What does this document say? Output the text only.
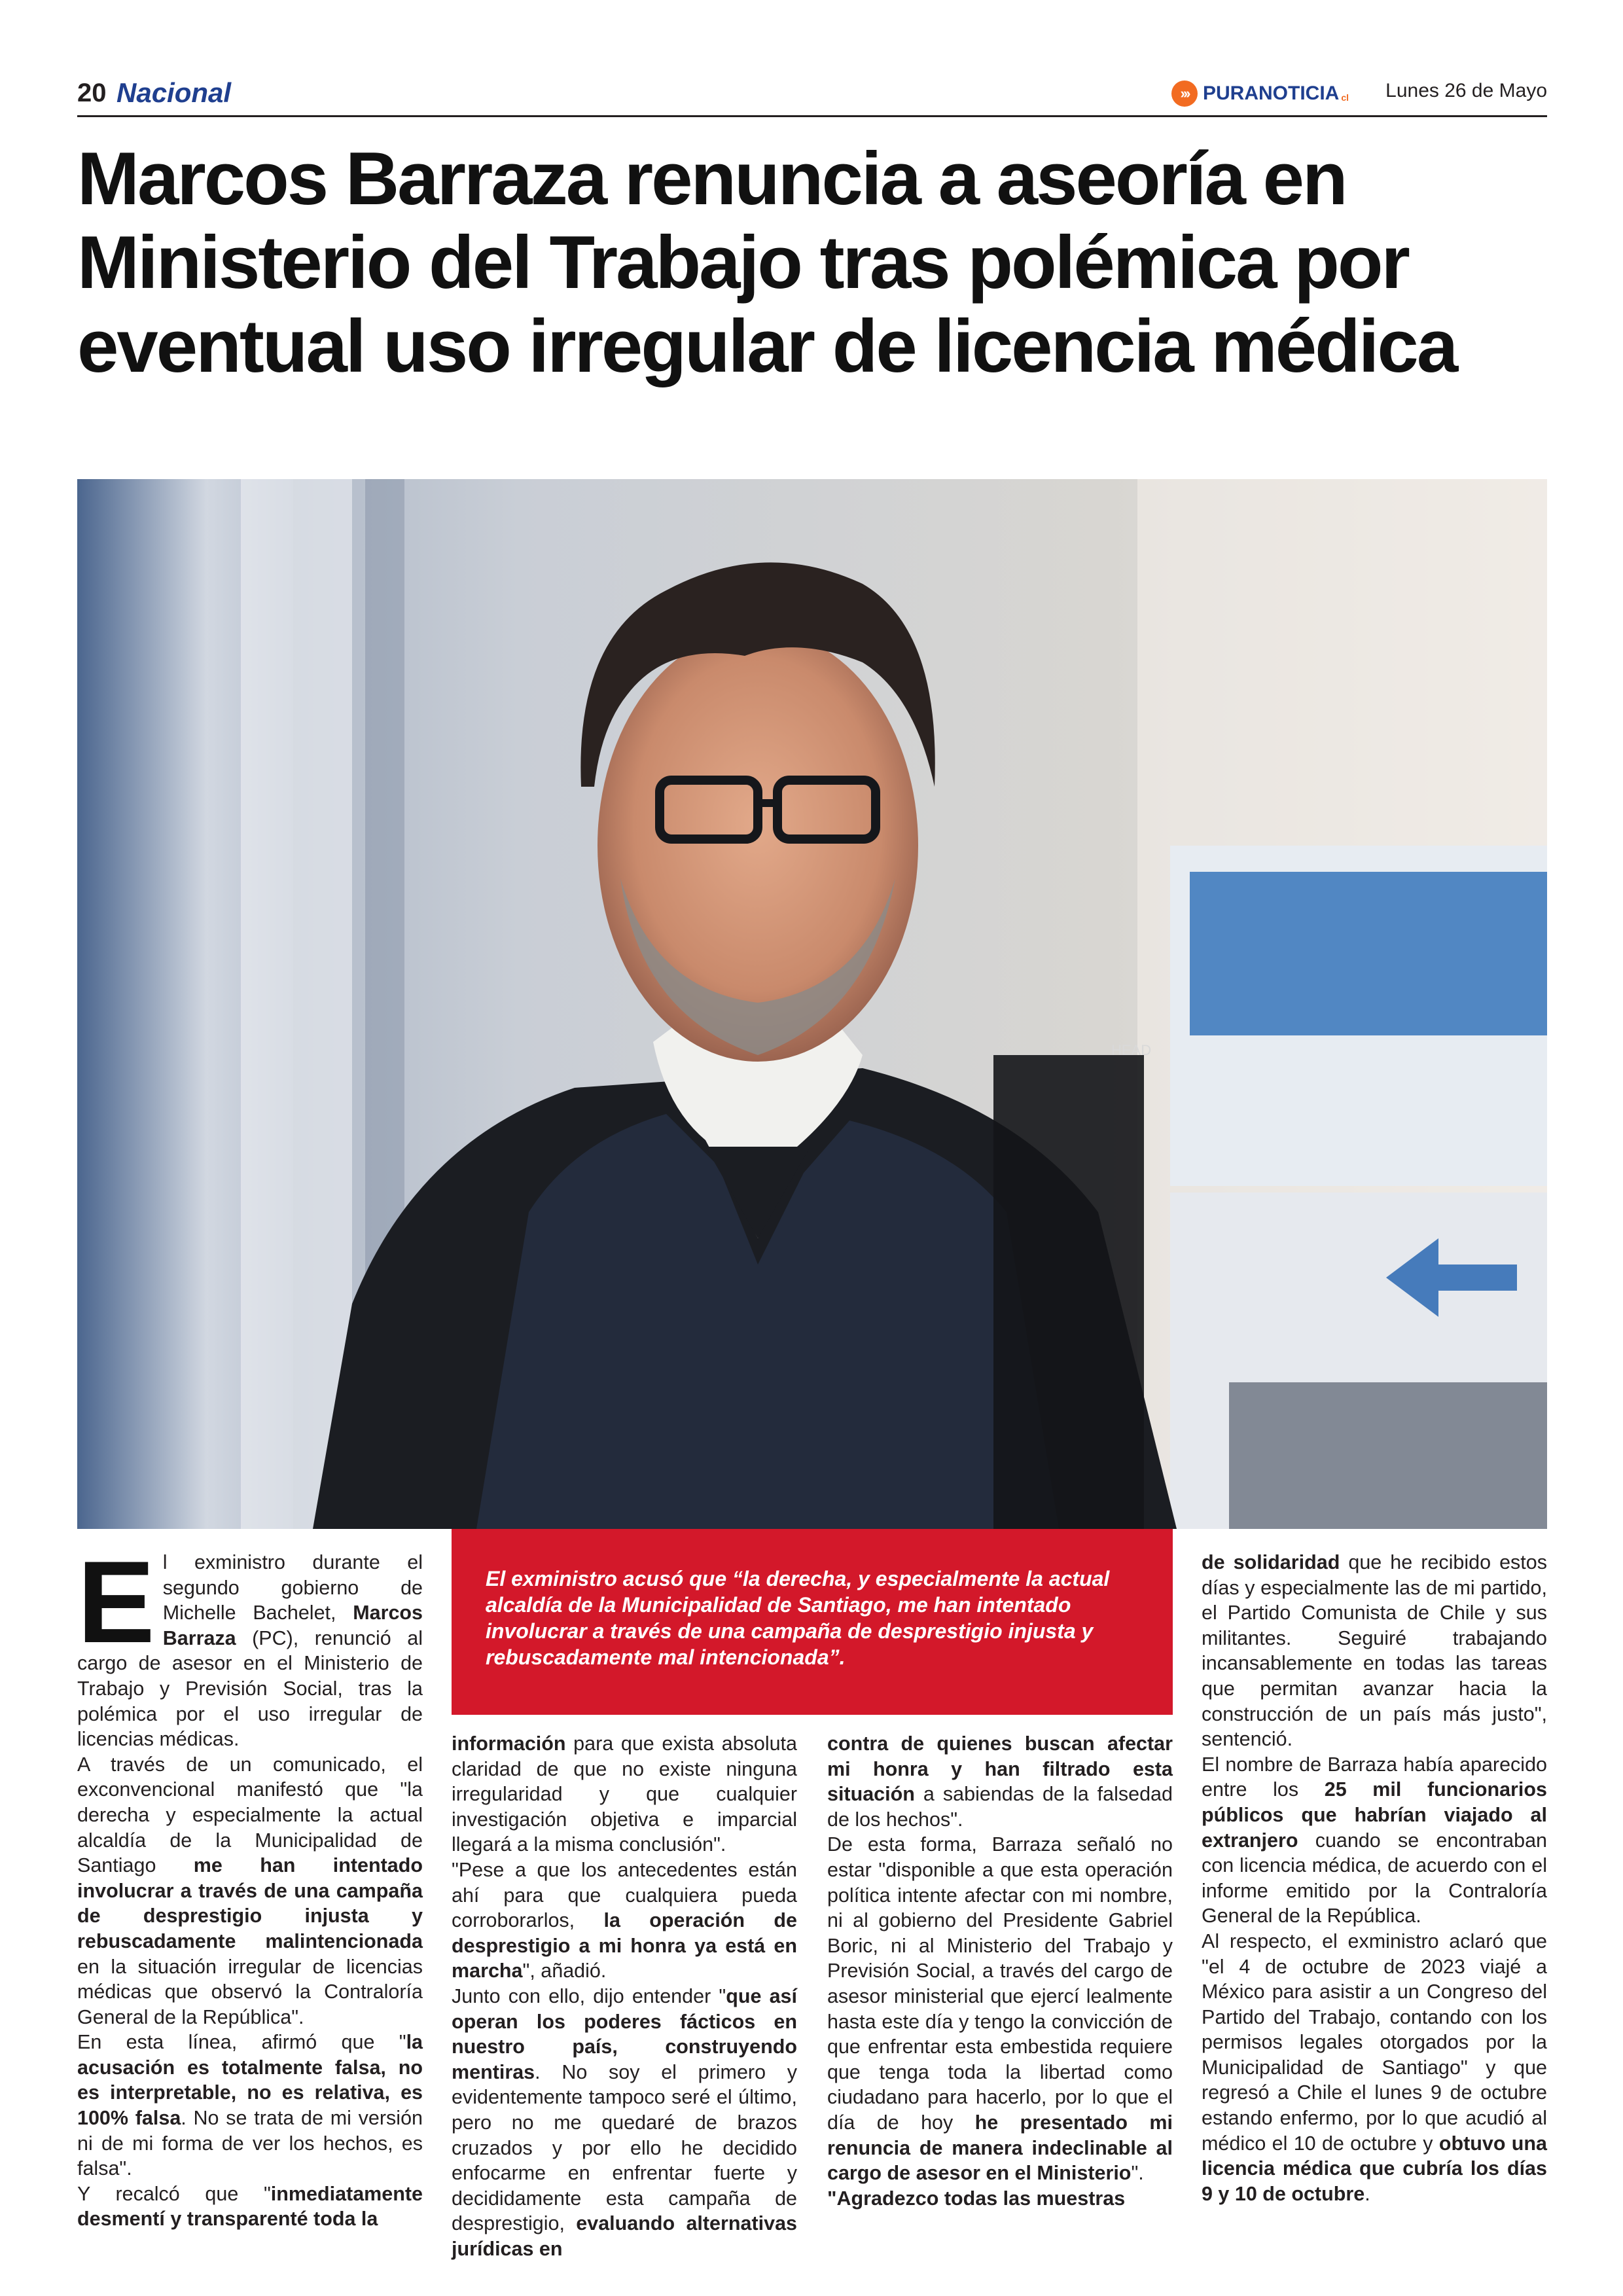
20 Nacional	››› PURANOTICIA cl Lunes 26 de Mayo
Marcos Barraza renuncia a aseoría en Ministerio del Trabajo tras polémica por eventual uso irregular de licencia médica
HEAD
El exministro acusó que “la derecha, y especialmente la actual alcaldía de la Municipalidad de Santiago, me han intentado involucrar a través de una campaña de desprestigio injusta y rebuscadamente mal intencionada”.

El exministro durante el segundo gobierno de Michelle Bachelet, Marcos Barraza (PC), renunció al cargo de asesor en el Ministerio de Trabajo y Previsión Social, tras la polémica por el uso irregular de licencias médicas.

A través de un comunicado, el exconvencional manifestó que "la derecha y especialmente la actual alcaldía de la Municipalidad de Santiago me han intentado involucrar a través de una campaña de desprestigio injusta y rebuscadamente malintencionada en la situación irregular de licencias médicas que observó la Contraloría General de la República".

En esta línea, afirmó que "la acusación es totalmente falsa, no es interpretable, no es relativa, es 100% falsa. No se trata de mi versión ni de mi forma de ver los hechos, es falsa".

Y recalcó que "inmediatamente desmentí y transparenté toda la

información para que exista absoluta claridad de que no existe ninguna irregularidad y que cualquier investigación objetiva e imparcial llegará a la misma conclusión".

"Pese a que los antecedentes están ahí para que cualquiera pueda corroborarlos, la operación de desprestigio a mi honra ya está en marcha", añadió.

Junto con ello, dijo entender "que así operan los poderes fácticos en nuestro país, construyendo mentiras. No soy el primero y evidentemente tampoco seré el último, pero no me quedaré de brazos cruzados y por ello he decidido enfocarme en enfrentar fuerte y decididamente esta campaña de desprestigio, evaluando alternativas jurídicas en

contra de quienes buscan afectar mi honra y han filtrado esta situación a sabiendas de la falsedad de los hechos".

De esta forma, Barraza señaló no estar "disponible a que esta operación política intente afectar con mi nombre, ni al gobierno del Presidente Gabriel Boric, ni al Ministerio del Trabajo y Previsión Social, a través del cargo de asesor ministerial que ejercí lealmente hasta este día y tengo la convicción de que enfrentar esta embestida requiere que tenga toda la libertad como ciudadano para hacerlo, por lo que el día de hoy he presentado mi renuncia de manera indeclinable al cargo de asesor en el Ministerio".

"Agradezco todas las muestras

de solidaridad que he recibido estos días y especialmente las de mi partido, el Partido Comunista de Chile y sus militantes. Seguiré trabajando incansablemente en todas las tareas que permitan avanzar hacia la construcción de un país más justo", sentenció.

El nombre de Barraza había aparecido entre los 25 mil funcionarios públicos que habrían viajado al extranjero cuando se encontraban con licencia médica, de acuerdo con el informe emitido por la Contraloría General de la República.

Al respecto, el exministro aclaró que "el 4 de octubre de 2023 viajé a México para asistir a un Congreso del Partido del Trabajo, contando con los permisos legales otorgados por la Municipalidad de Santiago" y que regresó a Chile el lunes 9 de octubre estando enfermo, por lo que acudió al médico el 10 de octubre y obtuvo una licencia médica que cubría los días 9 y 10 de octubre.
